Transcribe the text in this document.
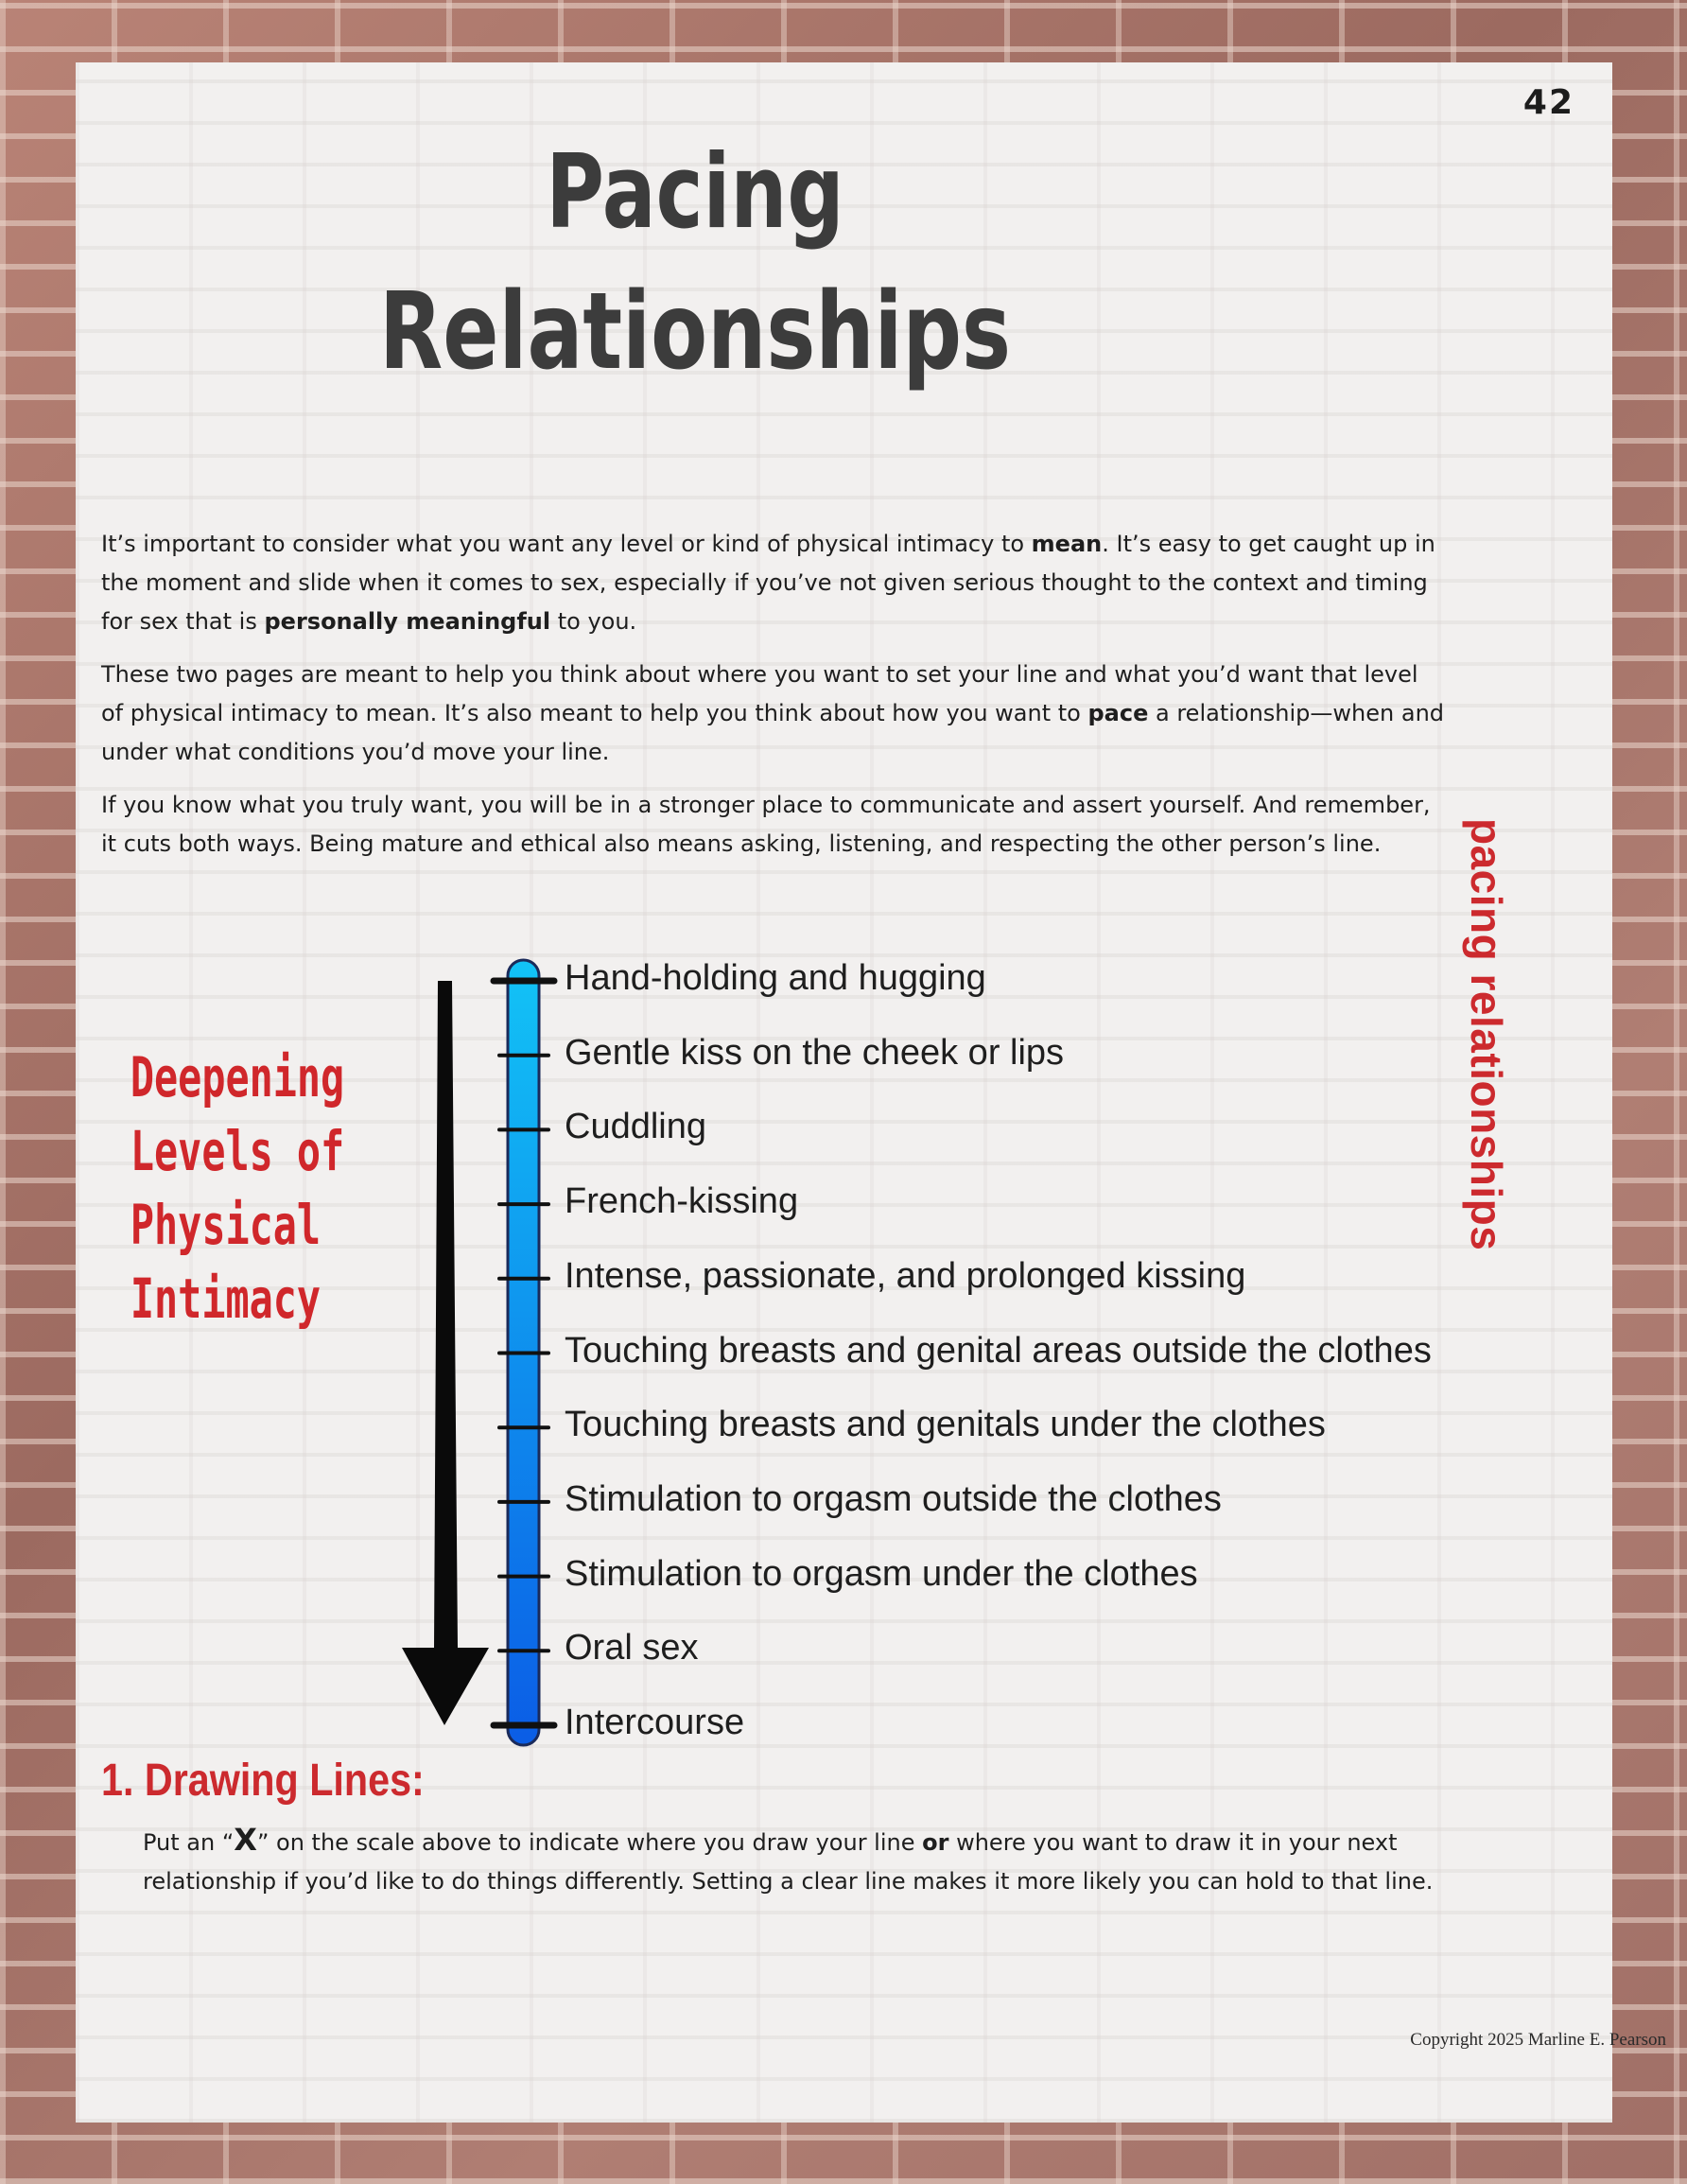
42
Pacing
Relationships

It’s important to consider what you want any level or kind of physical intimacy to mean. It’s easy to get caught up in the moment and slide when it comes to sex, especially if you’ve not given serious thought to the context and timing for sex that is personally meaningful to you.

These two pages are meant to help you think about where you want to set your line and what you’d want that level of physical intimacy to mean. It’s also meant to help you think about how you want to pace a relationship—when and under what conditions you’d move your line.

If you know what you truly want, you will be in a stronger place to communicate and assert yourself. And remember, it cuts both ways. Being mature and ethical also means asking, listening, and respecting the other person’s line.	pacing relationships
Deepening
Levels of
Physical
Intimacy
Hand-holding and hugging
Gentle kiss on the cheek or lips
Cuddling
French-kissing
Intense, passionate, and prolonged kissing
Touching breasts and genital areas outside the clothes
Touching breasts and genitals under the clothes
Stimulation to orgasm outside the clothes
Stimulation to orgasm under the clothes
Oral sex
Intercourse
1. Drawing Lines:
Put an “X” on the scale above to indicate where you draw your line or where you want to draw it in your next relationship if you’d like to do things differently. Setting a clear line makes it more likely you can hold to that line.
Copyright 2025 Marline E. Pearson
